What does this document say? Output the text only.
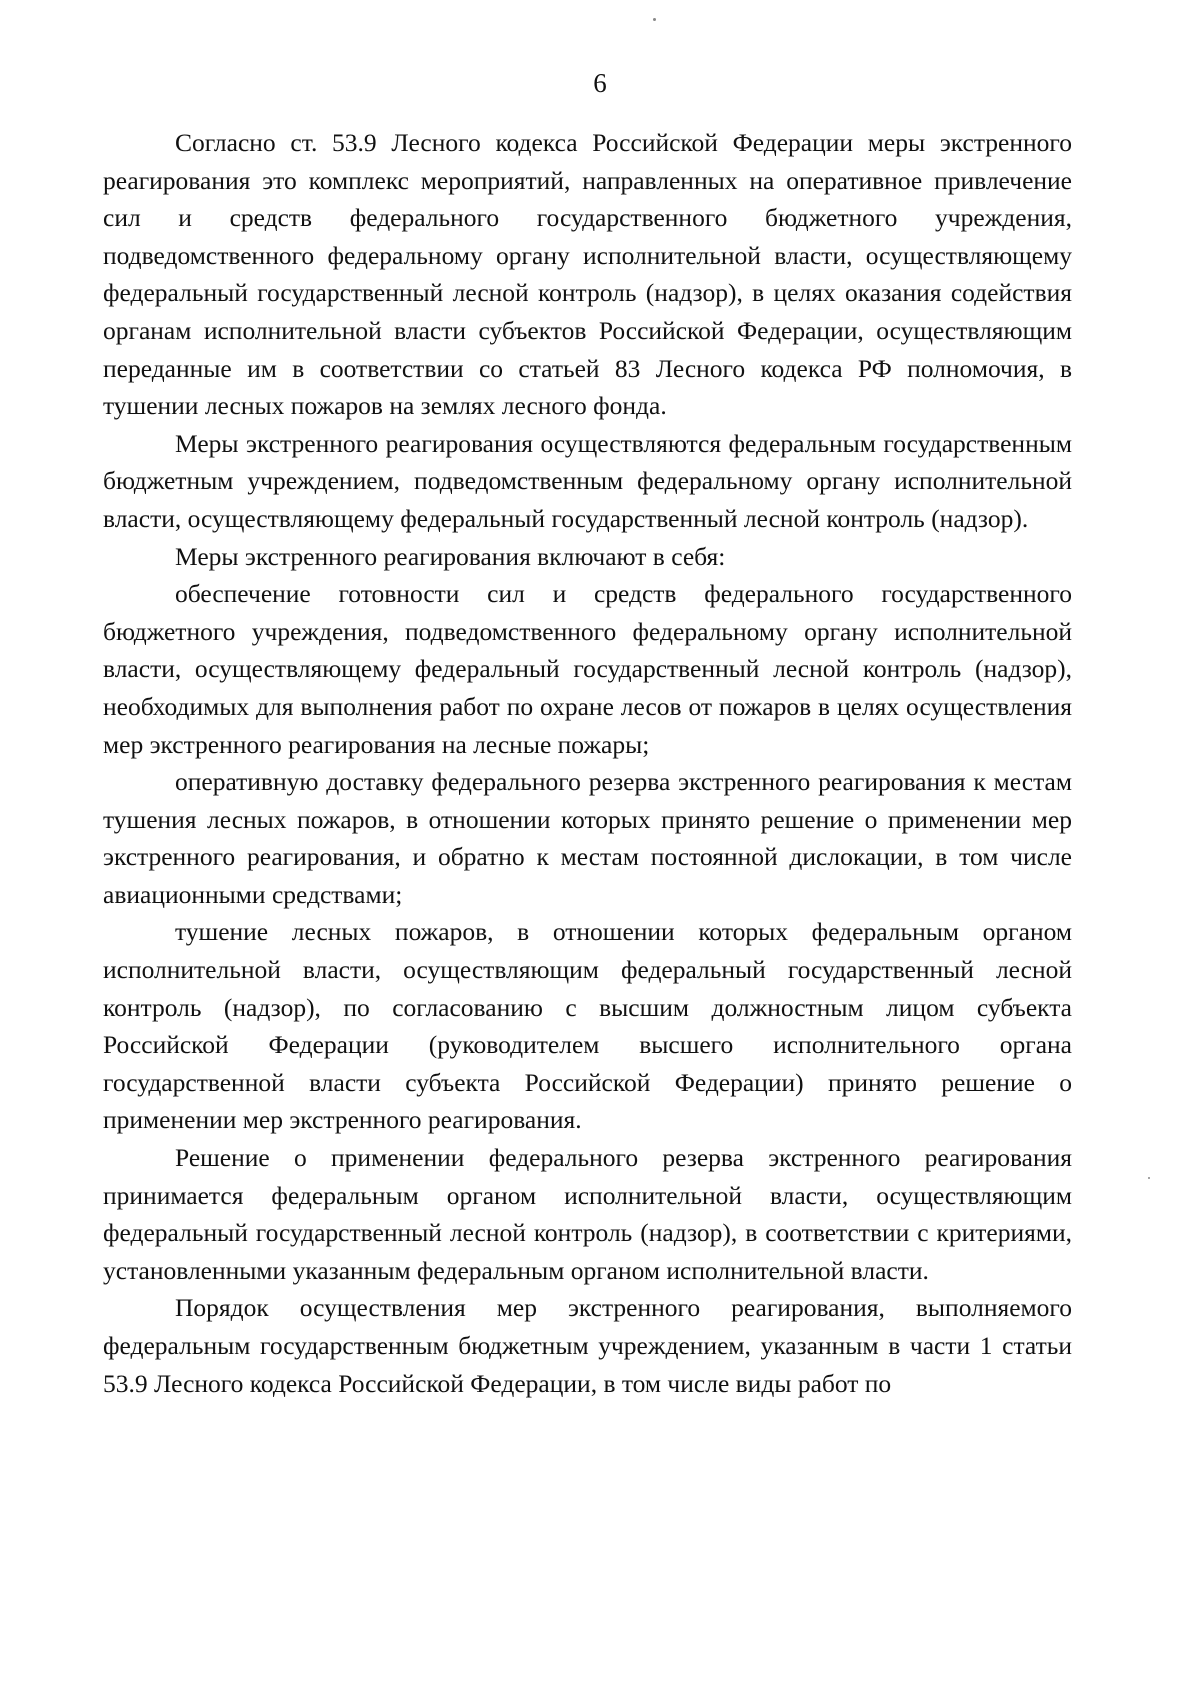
6

Согласно ст. 53.9 Лесного кодекса Российской Федерации меры экстренного реагирования это комплекс мероприятий, направленных на оперативное привлечение сил и средств федерального государственного бюджетного учреждения, подведомственного федеральному органу исполнительной власти, осуществляющему федеральный государственный лесной контроль (надзор), в целях оказания содействия органам исполнительной власти субъектов Российской Федерации, осуществляющим переданные им в соответствии со статьей 83 Лесного кодекса РФ полномочия, в тушении лесных пожаров на землях лесного фонда.

Меры экстренного реагирования осуществляются федеральным государственным бюджетным учреждением, подведомственным федеральному органу исполнительной власти, осуществляющему федеральный государственный лесной контроль (надзор).

Меры экстренного реагирования включают в себя:

обеспечение готовности сил и средств федерального государственного бюджетного учреждения, подведомственного федеральному органу исполнительной власти, осуществляющему федеральный государственный лесной контроль (надзор), необходимых для выполнения работ по охране лесов от пожаров в целях осуществления мер экстренного реагирования на лесные пожары;

оперативную доставку федерального резерва экстренного реагирования к местам тушения лесных пожаров, в отношении которых принято решение о применении мер экстренного реагирования, и обратно к местам постоянной дислокации, в том числе авиационными средствами;

тушение лесных пожаров, в отношении которых федеральным органом исполнительной власти, осуществляющим федеральный государственный лесной контроль (надзор), по согласованию с высшим должностным лицом субъекта Российской Федерации (руководителем высшего исполнительного органа государственной власти субъекта Российской Федерации) принято решение о применении мер экстренного реагирования.

Решение о применении федерального резерва экстренного реагирования принимается федеральным органом исполнительной власти, осуществляющим федеральный государственный лесной контроль (надзор), в соответствии с критериями, установленными указанным федеральным органом исполнительной власти.

Порядок осуществления мер экстренного реагирования, выполняемого федеральным государственным бюджетным учреждением, указанным в части 1 статьи 53.9 Лесного кодекса Российской Федерации, в том числе виды работ по
